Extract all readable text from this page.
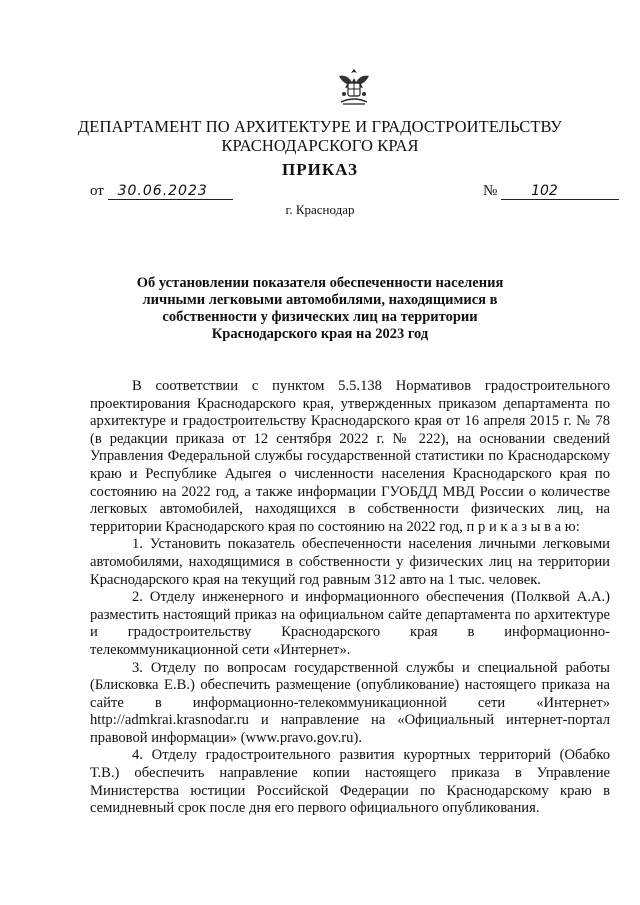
ДЕПАРТАМЕНТ ПО АРХИТЕКТУРЕ И ГРАДОСТРОИТЕЛЬСТВУ
КРАСНОДАРСКОГО КРАЯ
ПРИКАЗ
от 30.06.2023	№ 102
г. Краснодар
Об установлении показателя обеспеченности населения
личными легковыми автомобилями, находящимися в
собственности у физических лиц на территории
Краснодарского края на 2023 год

В соответствии с пунктом 5.5.138 Нормативов градостроительного проектирования Краснодарского края, утвержденных приказом департамента по архитектуре и градостроительству Краснодарского края от 16 апреля 2015 г. № 78 (в редакции приказа от 12 сентября 2022 г. № 222), на основании сведений Управления Федеральной службы государственной статистики по Краснодарскому краю и Республике Адыгея о численности населения Краснодарского края по состоянию на 2022 год, а также информации ГУОБДД МВД России о количестве легковых автомобилей, находящихся в собственности физических лиц, на территории Краснодарского края по состоянию на 2022 год, п р и к а з ы в а ю:

1. Установить показатель обеспеченности населения личными легковыми автомобилями, находящимися в собственности у физических лиц на территории Краснодарского края на текущий год равным 312 авто на 1 тыс. человек.

2. Отделу инженерного и информационного обеспечения (Полквой А.А.) разместить настоящий приказ на официальном сайте департамента по архитектуре и градостроительству Краснодарского края в информационно-телекоммуникационной сети «Интернет».

3. Отделу по вопросам государственной службы и специальной работы (Блисковка Е.В.) обеспечить размещение (опубликование) настоящего приказа на сайте в информационно-телекоммуникационной сети «Интернет» http://admkrai.krasnodar.ru и направление на «Официальный интернет-портал правовой информации» (www.pravo.gov.ru).

4. Отделу градостроительного развития курортных территорий (Обабко Т.В.) обеспечить направление копии настоящего приказа в Управление Министерства юстиции Российской Федерации по Краснодарскому краю в семидневный срок после дня его первого официального опубликования.
